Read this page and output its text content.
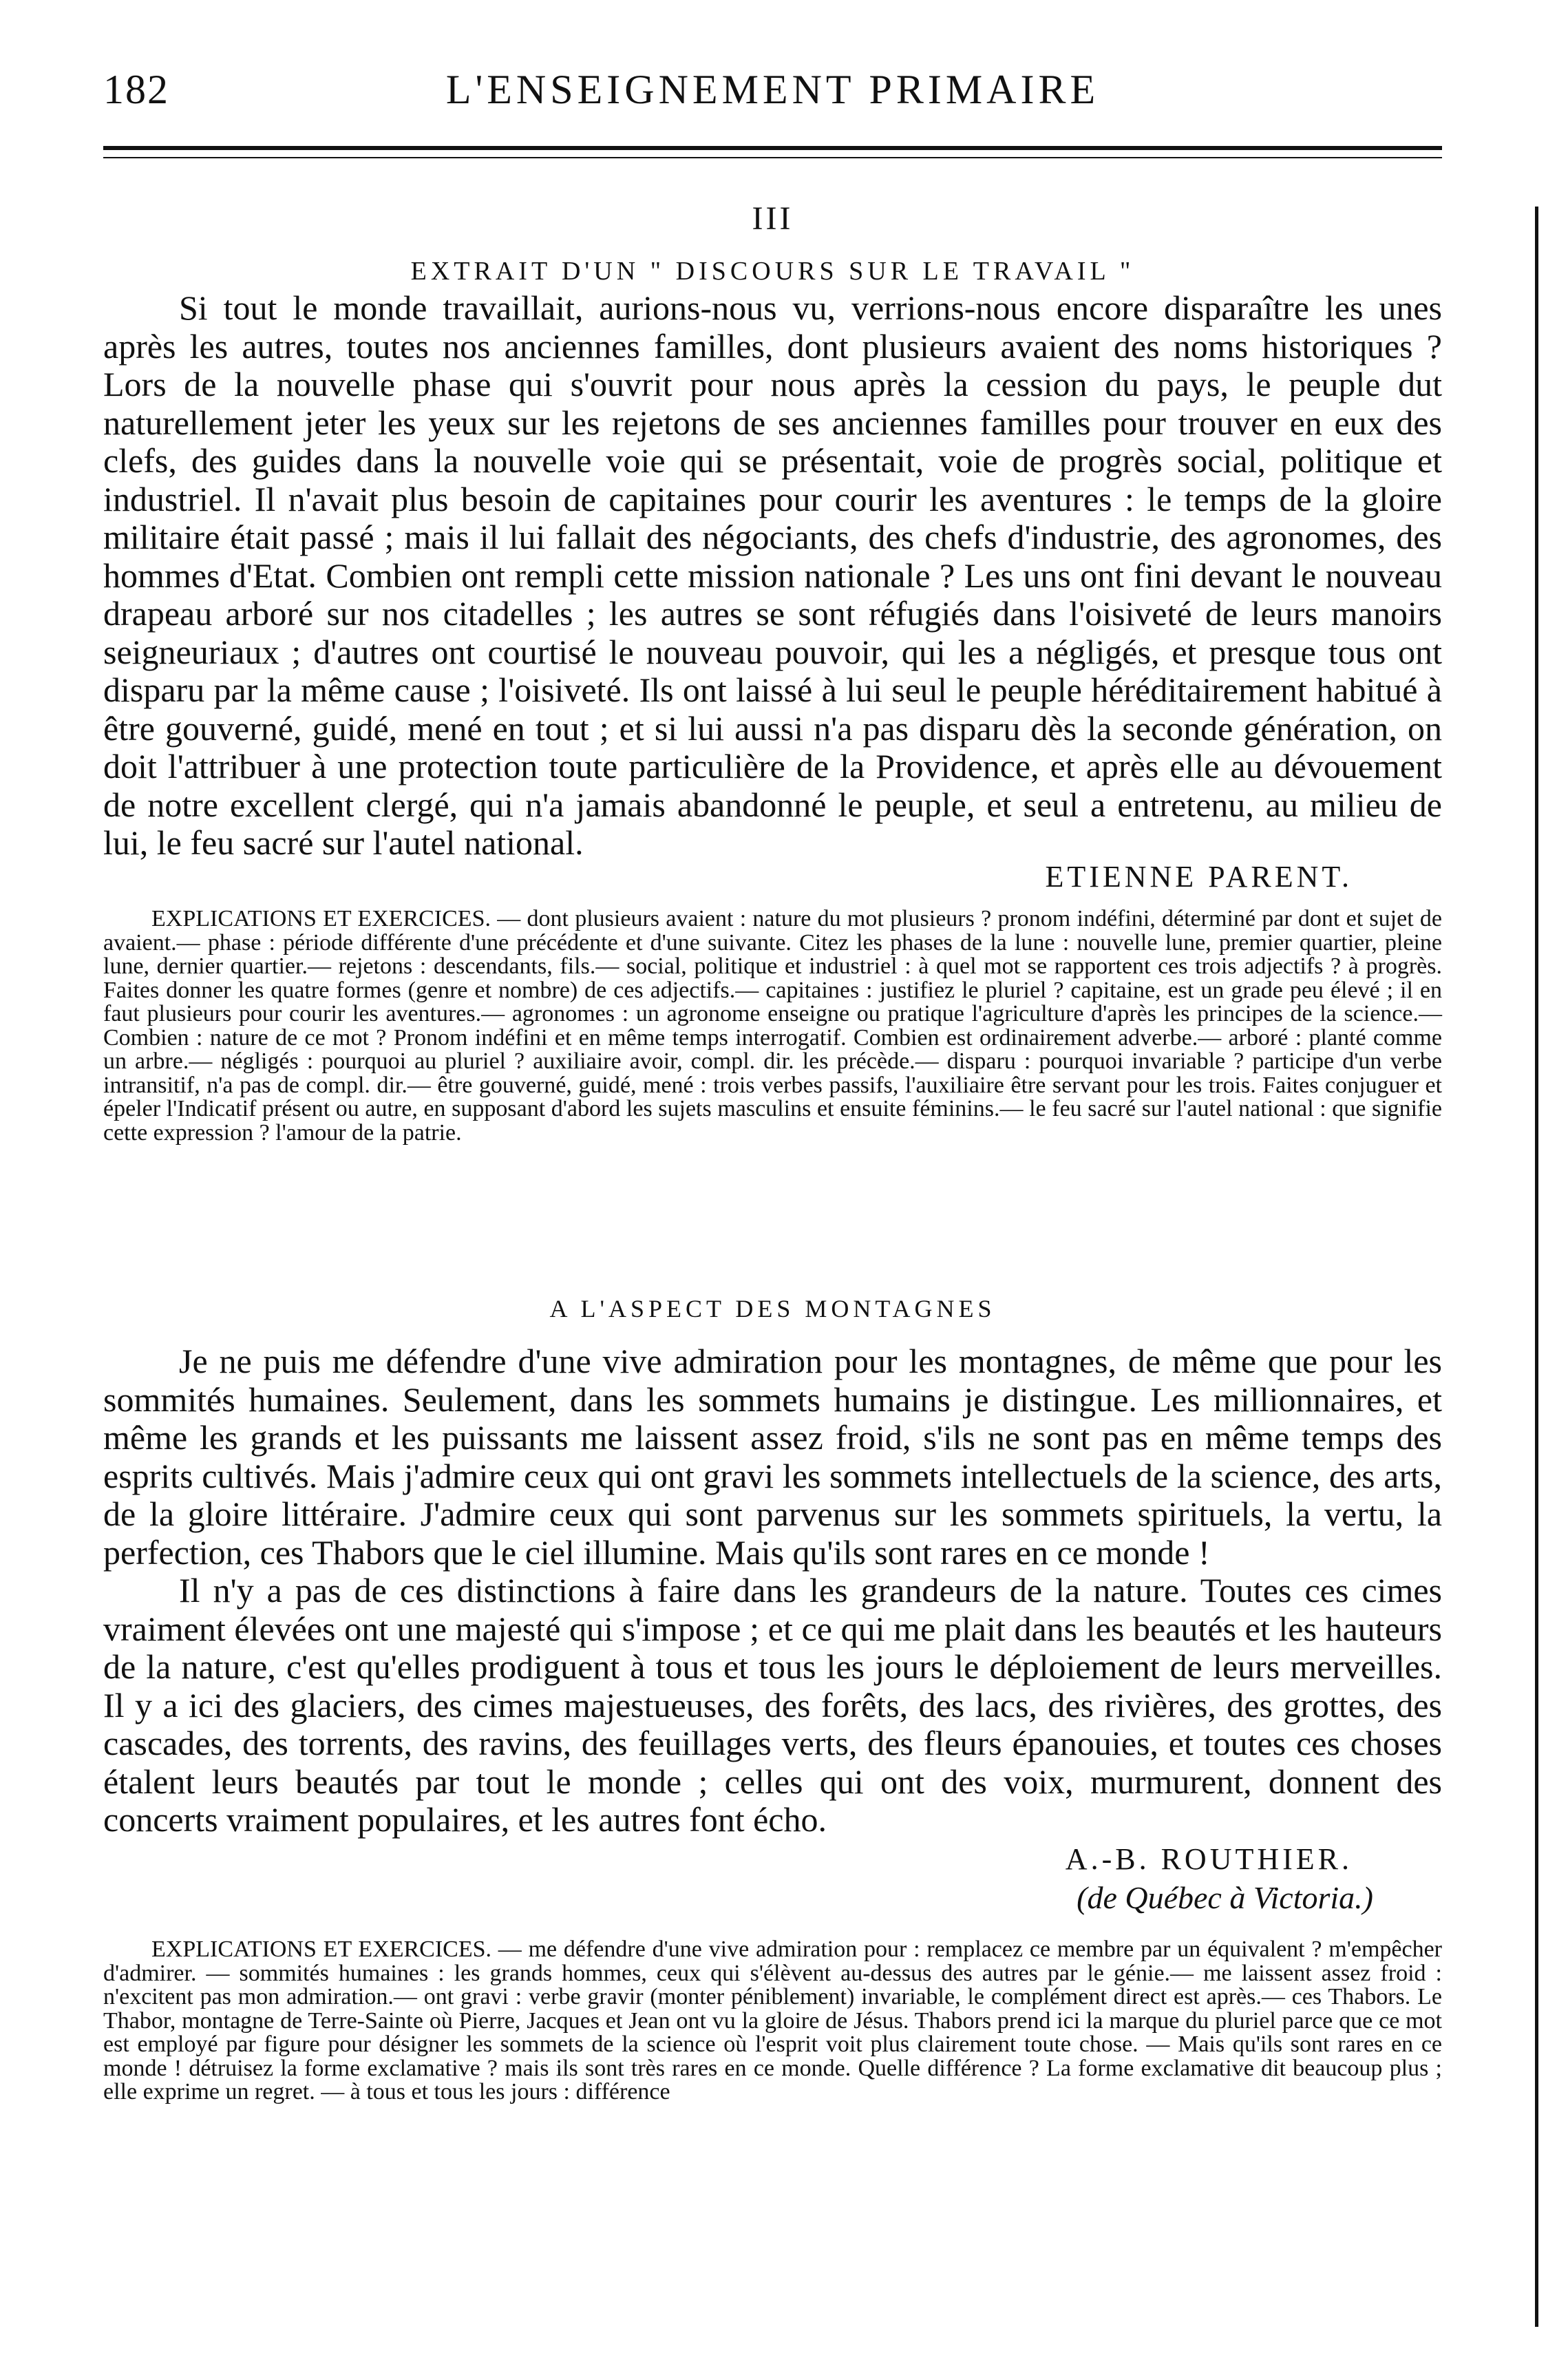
182	L'ENSEIGNEMENT PRIMAIRE
III
EXTRAIT D'UN " DISCOURS SUR LE TRAVAIL "
Si tout le monde travaillait, aurions-nous vu, verrions-nous encore disparaître les unes après les autres, toutes nos anciennes familles, dont plusieurs avaient des noms historiques ? Lors de la nouvelle phase qui s'ouvrit pour nous après la cession du pays, le peuple dut naturellement jeter les yeux sur les rejetons de ses anciennes familles pour trouver en eux des clefs, des guides dans la nouvelle voie qui se présentait, voie de progrès social, politique et industriel. Il n'avait plus besoin de capitaines pour courir les aventures : le temps de la gloire militaire était passé ; mais il lui fallait des négociants, des chefs d'industrie, des agronomes, des hommes d'Etat. Combien ont rempli cette mission nationale ? Les uns ont fini devant le nouveau drapeau arboré sur nos citadelles ; les autres se sont réfugiés dans l'oisiveté de leurs manoirs seigneuriaux ; d'autres ont courtisé le nouveau pouvoir, qui les a négligés, et presque tous ont disparu par la même cause ; l'oisiveté. Ils ont laissé à lui seul le peuple héréditairement habitué à être gouverné, guidé, mené en tout ; et si lui aussi n'a pas disparu dès la seconde génération, on doit l'attribuer à une protection toute particulière de la Providence, et après elle au dévouement de notre excellent clergé, qui n'a jamais abandonné le peuple, et seul a entretenu, au milieu de lui, le feu sacré sur l'autel national.
ETIENNE PARENT.
EXPLICATIONS ET EXERCICES. — dont plusieurs avaient : nature du mot plusieurs ? pronom indéfini, déterminé par dont et sujet de avaient.— phase : période différente d'une précédente et d'une suivante. Citez les phases de la lune : nouvelle lune, premier quartier, pleine lune, dernier quartier.— rejetons : descendants, fils.— social, politique et industriel : à quel mot se rapportent ces trois adjectifs ? à progrès. Faites donner les quatre formes (genre et nombre) de ces adjectifs.— capitaines : justifiez le pluriel ? capitaine, est un grade peu élevé ; il en faut plusieurs pour courir les aventures.— agronomes : un agronome enseigne ou pratique l'agriculture d'après les principes de la science.— Combien : nature de ce mot ? Pronom indéfini et en même temps interrogatif. Combien est ordinairement adverbe.— arboré : planté comme un arbre.— négligés : pourquoi au pluriel ? auxiliaire avoir, compl. dir. les précède.— disparu : pourquoi invariable ? participe d'un verbe intransitif, n'a pas de compl. dir.— être gouverné, guidé, mené : trois verbes passifs, l'auxiliaire être servant pour les trois. Faites conjuguer et épeler l'Indicatif présent ou autre, en supposant d'abord les sujets masculins et ensuite féminins.— le feu sacré sur l'autel national : que signifie cette expression ? l'amour de la patrie.
A L'ASPECT DES MONTAGNES

Je ne puis me défendre d'une vive admiration pour les montagnes, de même que pour les sommités humaines. Seulement, dans les sommets humains je distingue. Les millionnaires, et même les grands et les puissants me laissent assez froid, s'ils ne sont pas en même temps des esprits cultivés. Mais j'admire ceux qui ont gravi les sommets intellectuels de la science, des arts, de la gloire littéraire. J'admire ceux qui sont parvenus sur les sommets spirituels, la vertu, la perfection, ces Thabors que le ciel illumine. Mais qu'ils sont rares en ce monde !

Il n'y a pas de ces distinctions à faire dans les grandeurs de la nature. Toutes ces cimes vraiment élevées ont une majesté qui s'impose ; et ce qui me plait dans les beautés et les hauteurs de la nature, c'est qu'elles prodiguent à tous et tous les jours le déploiement de leurs merveilles. Il y a ici des glaciers, des cimes majestueuses, des forêts, des lacs, des rivières, des grottes, des cascades, des torrents, des ravins, des feuillages verts, des fleurs épanouies, et toutes ces choses étalent leurs beautés par tout le monde ; celles qui ont des voix, murmurent, donnent des concerts vraiment populaires, et les autres font écho.

A.-B. ROUTHIER.
(de Québec à Victoria.)
EXPLICATIONS ET EXERCICES. — me défendre d'une vive admiration pour : remplacez ce membre par un équivalent ? m'empêcher d'admirer. — sommités humaines : les grands hommes, ceux qui s'élèvent au-dessus des autres par le génie.— me laissent assez froid : n'excitent pas mon admiration.— ont gravi : verbe gravir (monter péniblement) invariable, le complément direct est après.— ces Thabors. Le Thabor, montagne de Terre-Sainte où Pierre, Jacques et Jean ont vu la gloire de Jésus. Thabors prend ici la marque du pluriel parce que ce mot est employé par figure pour désigner les sommets de la science où l'esprit voit plus clairement toute chose. — Mais qu'ils sont rares en ce monde ! détruisez la forme exclamative ? mais ils sont très rares en ce monde. Quelle différence ? La forme exclamative dit beaucoup plus ; elle exprime un regret. — à tous et tous les jours : différence
